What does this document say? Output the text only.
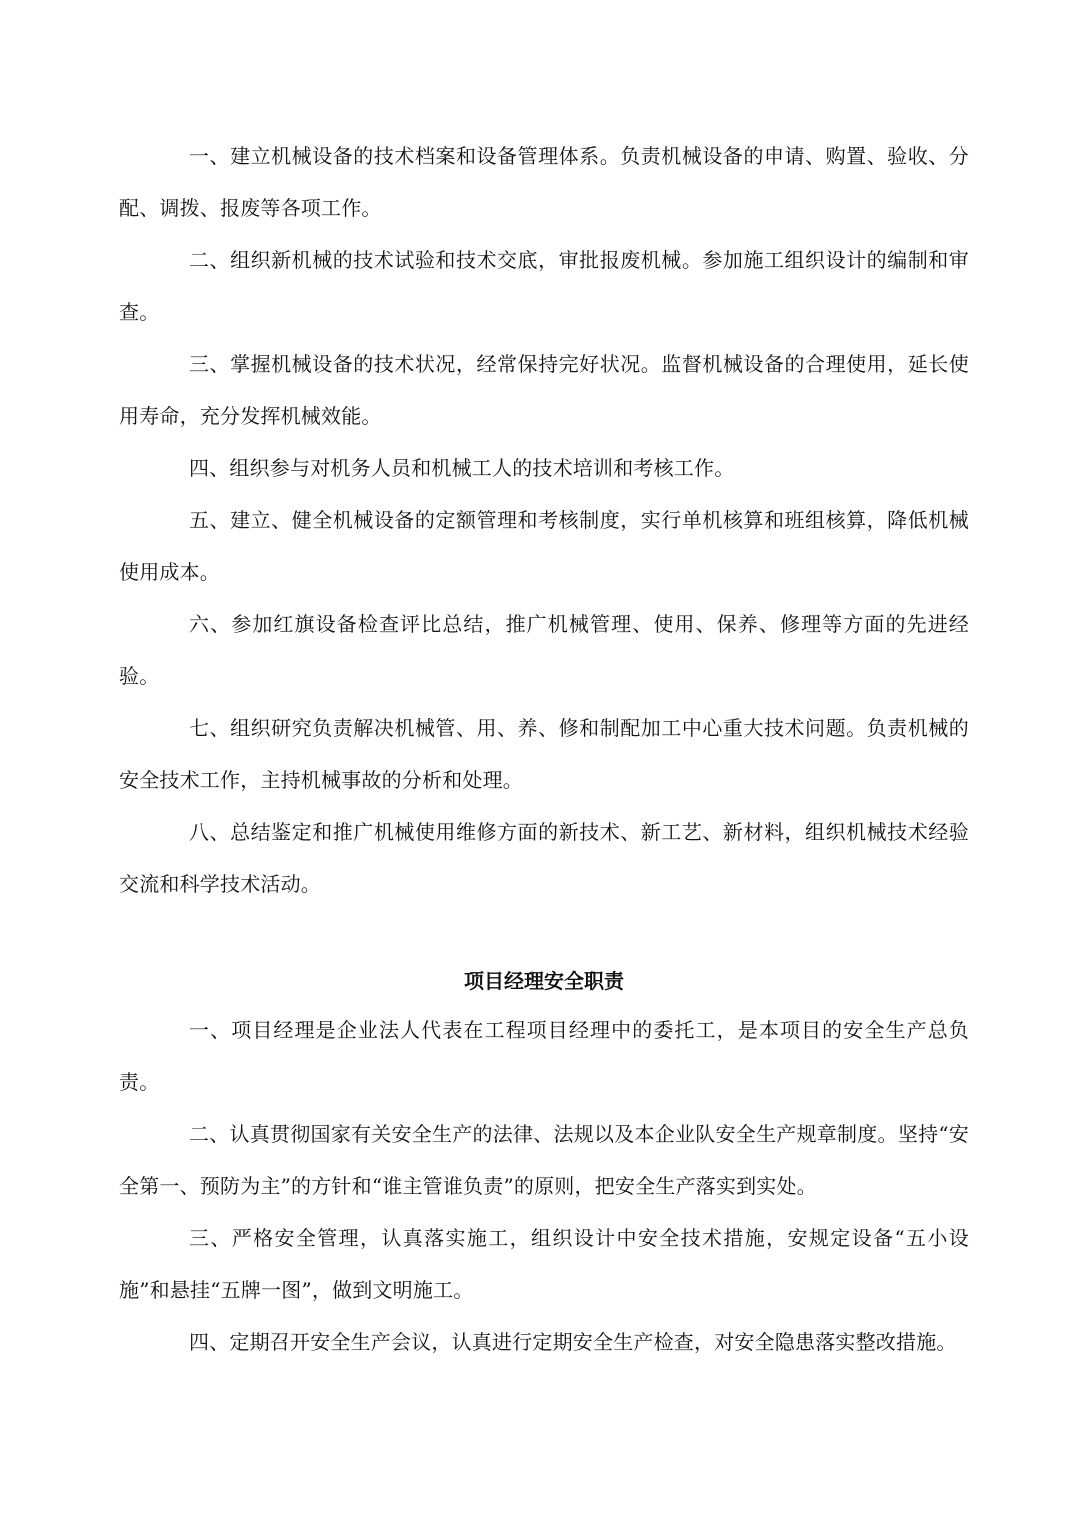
一、建立机械设备的技术档案和设备管理体系。负责机械设备的申请、购置、验收、分配、调拨、报废等各项工作。

二、组织新机械的技术试验和技术交底，审批报废机械。参加施工组织设计的编制和审查。

三、掌握机械设备的技术状况，经常保持完好状况。监督机械设备的合理使用，延长使用寿命，充分发挥机械效能。

四、组织参与对机务人员和机械工人的技术培训和考核工作。

五、建立、健全机械设备的定额管理和考核制度，实行单机核算和班组核算，降低机械使用成本。

六、参加红旗设备检查评比总结，推广机械管理、使用、保养、修理等方面的先进经验。

七、组织研究负责解决机械管、用、养、修和制配加工中心重大技术问题。负责机械的安全技术工作，主持机械事故的分析和处理。

八、总结鉴定和推广机械使用维修方面的新技术、新工艺、新材料，组织机械技术经验交流和科学技术活动。

项目经理安全职责

一、项目经理是企业法人代表在工程项目经理中的委托工，是本项目的安全生产总负责。

二、认真贯彻国家有关安全生产的法律、法规以及本企业队安全生产规章制度。坚持“安全第一、预防为主”的方针和“谁主管谁负责”的原则，把安全生产落实到实处。

三、严格安全管理，认真落实施工，组织设计中安全技术措施，安规定设备“五小设施”和悬挂“五牌一图”，做到文明施工。

四、定期召开安全生产会议，认真进行定期安全生产检查，对安全隐患落实整改措施。
